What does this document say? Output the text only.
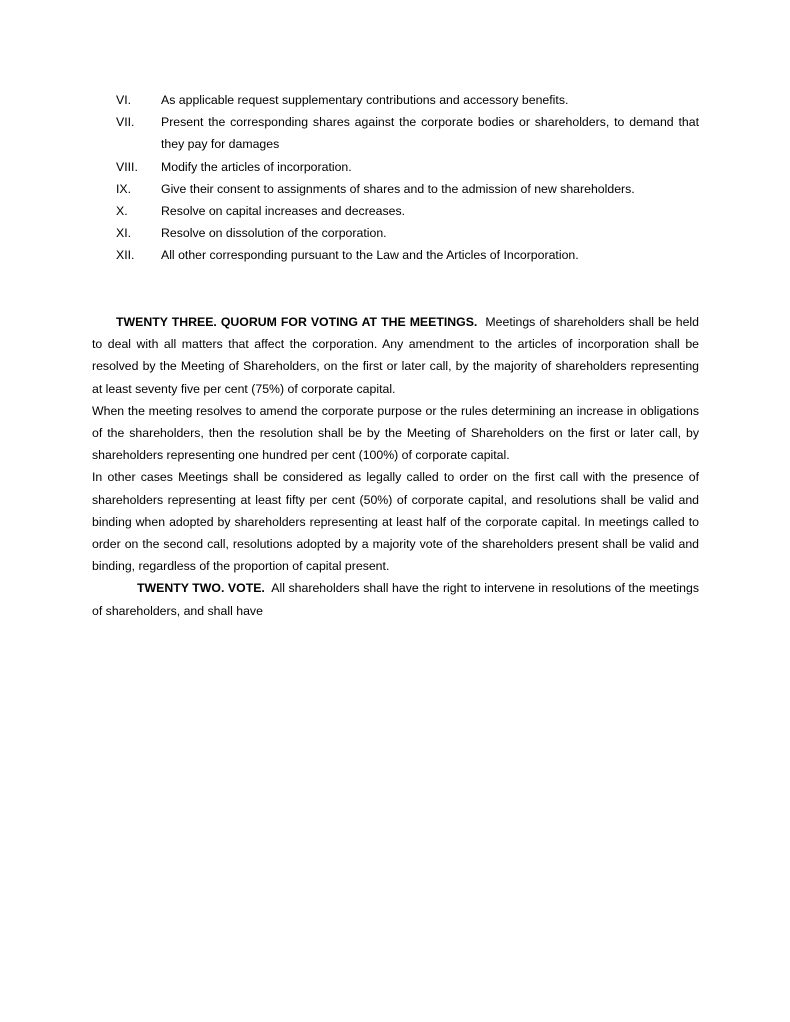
VI.	As applicable request supplementary contributions and accessory benefits.
VII.	Present the corresponding shares against the corporate bodies or shareholders, to demand that they pay for damages
VIII.	Modify the articles of incorporation.
IX.	Give their consent to assignments of shares and to the admission of new shareholders.
X.	Resolve on capital increases and decreases.
XI.	Resolve on dissolution of the corporation.
XII.	All other corresponding pursuant to the Law and the Articles of Incorporation.

TWENTY THREE. QUORUM FOR VOTING AT THE MEETINGS. Meetings of shareholders shall be held to deal with all matters that affect the corporation. Any amendment to the articles of incorporation shall be resolved by the Meeting of Shareholders, on the first or later call, by the majority of shareholders representing at least seventy five per cent (75%) of corporate capital.

When the meeting resolves to amend the corporate purpose or the rules determining an increase in obligations of the shareholders, then the resolution shall be by the Meeting of Shareholders on the first or later call, by shareholders representing one hundred per cent (100%) of corporate capital.

In other cases Meetings shall be considered as legally called to order on the first call with the presence of shareholders representing at least fifty per cent (50%) of corporate capital, and resolutions shall be valid and binding when adopted by shareholders representing at least half of the corporate capital. In meetings called to order on the second call, resolutions adopted by a majority vote of the shareholders present shall be valid and binding, regardless of the proportion of capital present.

TWENTY TWO. VOTE. All shareholders shall have the right to intervene in resolutions of the meetings of shareholders, and shall have
